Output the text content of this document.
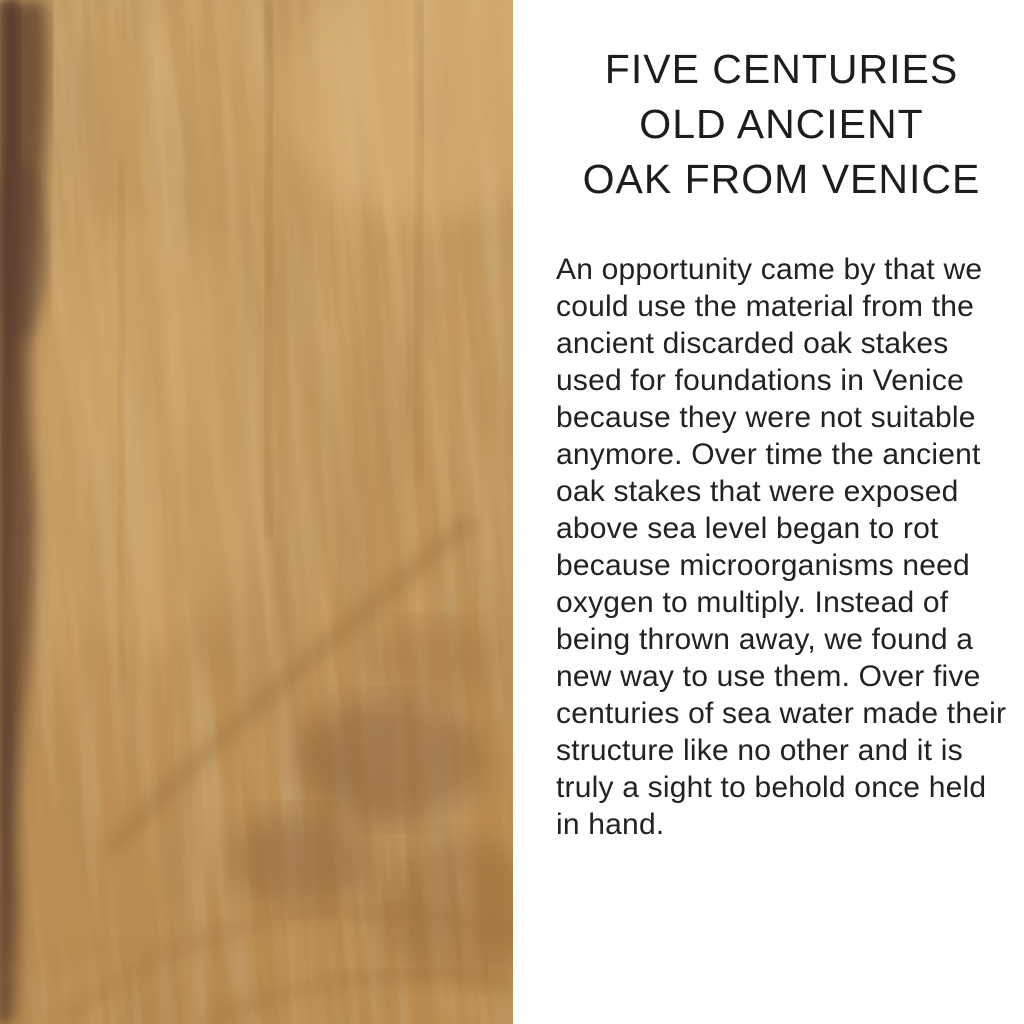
FIVE CENTURIES
OLD ANCIENT
OAK FROM VENICE

An opportunity came by that we could use the material from the ancient discarded oak stakes used for foundations in Venice because they were not suitable anymore. Over time the ancient oak stakes that were exposed above sea level began to rot because microorganisms need oxygen to multiply. Instead of being thrown away, we found a new way to use them. Over five centuries of sea water made their structure like no other and it is truly a sight to behold once held in hand.
